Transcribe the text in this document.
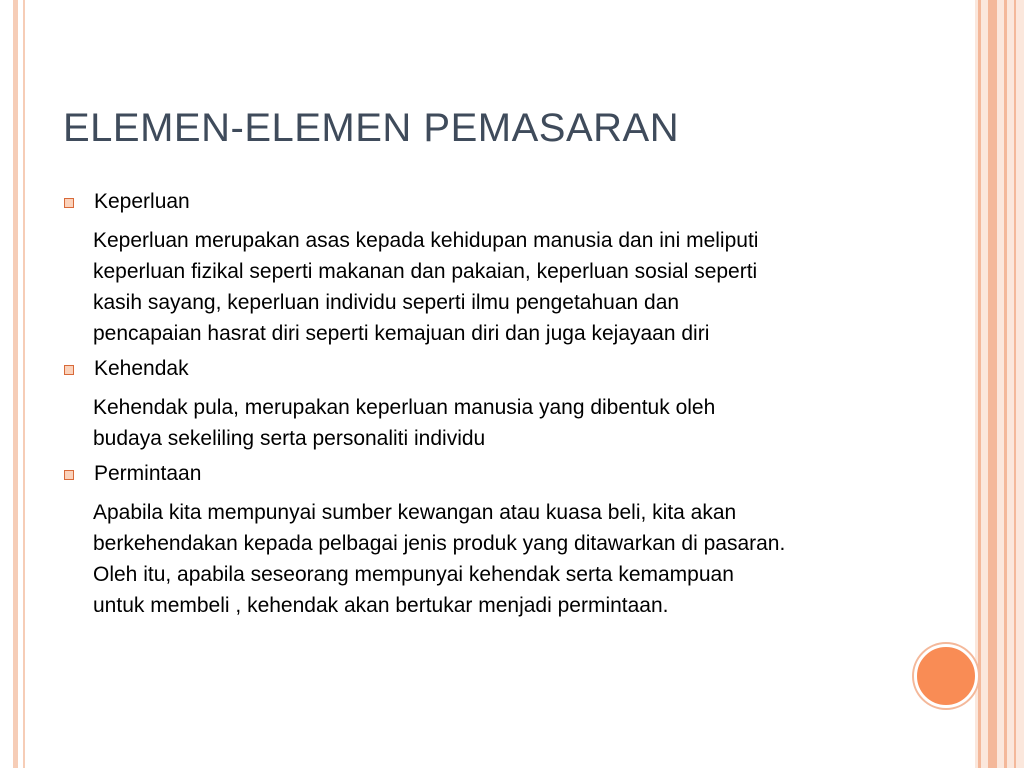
ELEMEN-ELEMEN PEMASARAN
Keperluan

Keperluan merupakan asas kepada kehidupan manusia dan ini meliputi
keperluan fizikal seperti makanan dan pakaian, keperluan sosial seperti
kasih sayang, keperluan individu seperti ilmu pengetahuan dan
pencapaian hasrat diri seperti kemajuan diri dan juga kejayaan diri

Kehendak

Kehendak pula, merupakan keperluan manusia yang dibentuk oleh
budaya sekeliling serta personaliti individu

Permintaan

Apabila kita mempunyai sumber kewangan atau kuasa beli, kita akan
berkehendakan kepada pelbagai jenis produk yang ditawarkan di pasaran.
Oleh itu, apabila seseorang mempunyai kehendak serta kemampuan
untuk membeli , kehendak akan bertukar menjadi permintaan.
